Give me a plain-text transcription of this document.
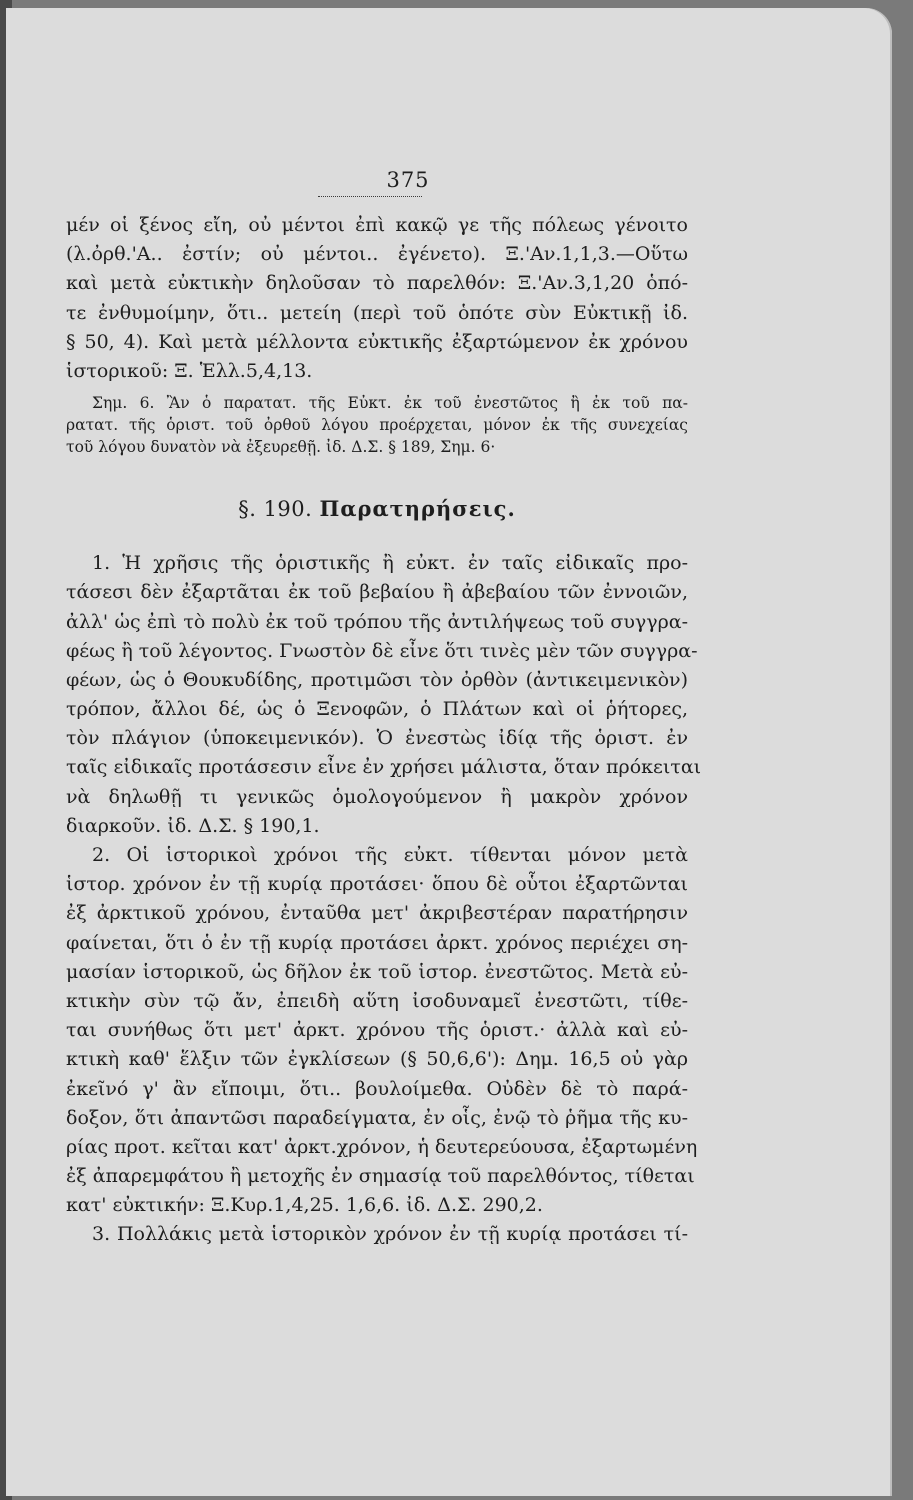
375
μέν οἱ ξένος εἴη, οὐ μέντοι ἐπὶ κακῷ γε τῆς πόλεως γένοιτο
(λ.ὀρθ.'Α.. ἐστίν; οὐ μέντοι.. ἐγένετο). Ξ.'Αν.1,1,3.—Οὕτω
καὶ μετὰ εὐκτικὴν δηλοῦσαν τὸ παρελθόν: Ξ.'Αν.3,1,20 ὁπό-
τε ἐνθυμοίμην, ὅτι.. μετείη (περὶ τοῦ ὁπότε σὺν Εὐκτικῇ ἰδ.
§ 50, 4). Καὶ μετὰ μέλλοντα εὐκτικῆς ἐξαρτώμενον ἐκ χρόνου
ἱστορικοῦ: Ξ. Ἑλλ.5,4,13.
Σημ. 6. Ἂν ὁ παρατατ. τῆς Εὐκτ. ἐκ τοῦ ἐνεστῶτος ἢ ἐκ τοῦ πα-
ρατατ. τῆς ὁριστ. τοῦ ὀρθοῦ λόγου προέρχεται, μόνον ἐκ τῆς συνεχείας
τοῦ λόγου δυνατὸν νὰ ἐξευρεθῇ. ἰδ. Δ.Σ. § 189, Σημ. 6·
§. 190. Παρατηρήσεις.
1. Ἡ χρῆσις τῆς ὁριστικῆς ἢ εὐκτ. ἐν ταῖς εἰδικαῖς προ-
τάσεσι δὲν ἐξαρτᾶται ἐκ τοῦ βεβαίου ἢ ἀβεβαίου τῶν ἐννοιῶν,
ἀλλ' ὡς ἐπὶ τὸ πολὺ ἐκ τοῦ τρόπου τῆς ἀντιλήψεως τοῦ συγγρα-
φέως ἢ τοῦ λέγοντος. Γνωστὸν δὲ εἶνε ὅτι τινὲς μὲν τῶν συγγρα-
φέων, ὡς ὁ Θουκυδίδης, προτιμῶσι τὸν ὀρθὸν (ἀντικειμενικὸν)
τρόπον, ἄλλοι δέ, ὡς ὁ Ξενοφῶν, ὁ Πλάτων καὶ οἱ ῥήτορες,
τὸν πλάγιον (ὑποκειμενικόν). Ὁ ἐνεστὼς ἰδίᾳ τῆς ὁριστ. ἐν
ταῖς εἰδικαῖς προτάσεσιν εἶνε ἐν χρήσει μάλιστα, ὅταν πρόκειται
νὰ δηλωθῇ τι γενικῶς ὁμολογούμενον ἢ μακρὸν χρόνον
διαρκοῦν. ἰδ. Δ.Σ. § 190,1.
2. Οἱ ἱστορικοὶ χρόνοι τῆς εὐκτ. τίθενται μόνον μετὰ
ἱστορ. χρόνον ἐν τῇ κυρίᾳ προτάσει· ὅπου δὲ οὗτοι ἐξαρτῶνται
ἐξ ἀρκτικοῦ χρόνου, ἐνταῦθα μετ' ἀκριβεστέραν παρατήρησιν
φαίνεται, ὅτι ὁ ἐν τῇ κυρίᾳ προτάσει ἀρκτ. χρόνος περιέχει ση-
μασίαν ἱστορικοῦ, ὡς δῆλον ἐκ τοῦ ἱστορ. ἐνεστῶτος. Μετὰ εὐ-
κτικὴν σὺν τῷ ἄν, ἐπειδὴ αὕτη ἰσοδυναμεῖ ἐνεστῶτι, τίθε-
ται συνήθως ὅτι μετ' ἀρκτ. χρόνου τῆς ὁριστ.· ἀλλὰ καὶ εὐ-
κτικὴ καθ' ἕλξιν τῶν ἐγκλίσεων (§ 50,6,6'): Δημ. 16,5 οὐ γὰρ
ἐκεῖνό γ' ἂν εἴποιμι, ὅτι.. βουλοίμεθα. Οὐδὲν δὲ τὸ παρά-
δοξον, ὅτι ἀπαντῶσι παραδείγματα, ἐν οἷς, ἐνῷ τὸ ῥῆμα τῆς κυ-
ρίας προτ. κεῖται κατ' ἀρκτ.χρόνον, ἡ δευτερεύουσα, ἐξαρτωμένη
ἐξ ἀπαρεμφάτου ἢ μετοχῆς ἐν σημασίᾳ τοῦ παρελθόντος, τίθεται
κατ' εὐκτικήν: Ξ.Κυρ.1,4,25. 1,6,6. ἰδ. Δ.Σ. 290,2.
3. Πολλάκις μετὰ ἱστορικὸν χρόνον ἐν τῇ κυρίᾳ προτάσει τί-
